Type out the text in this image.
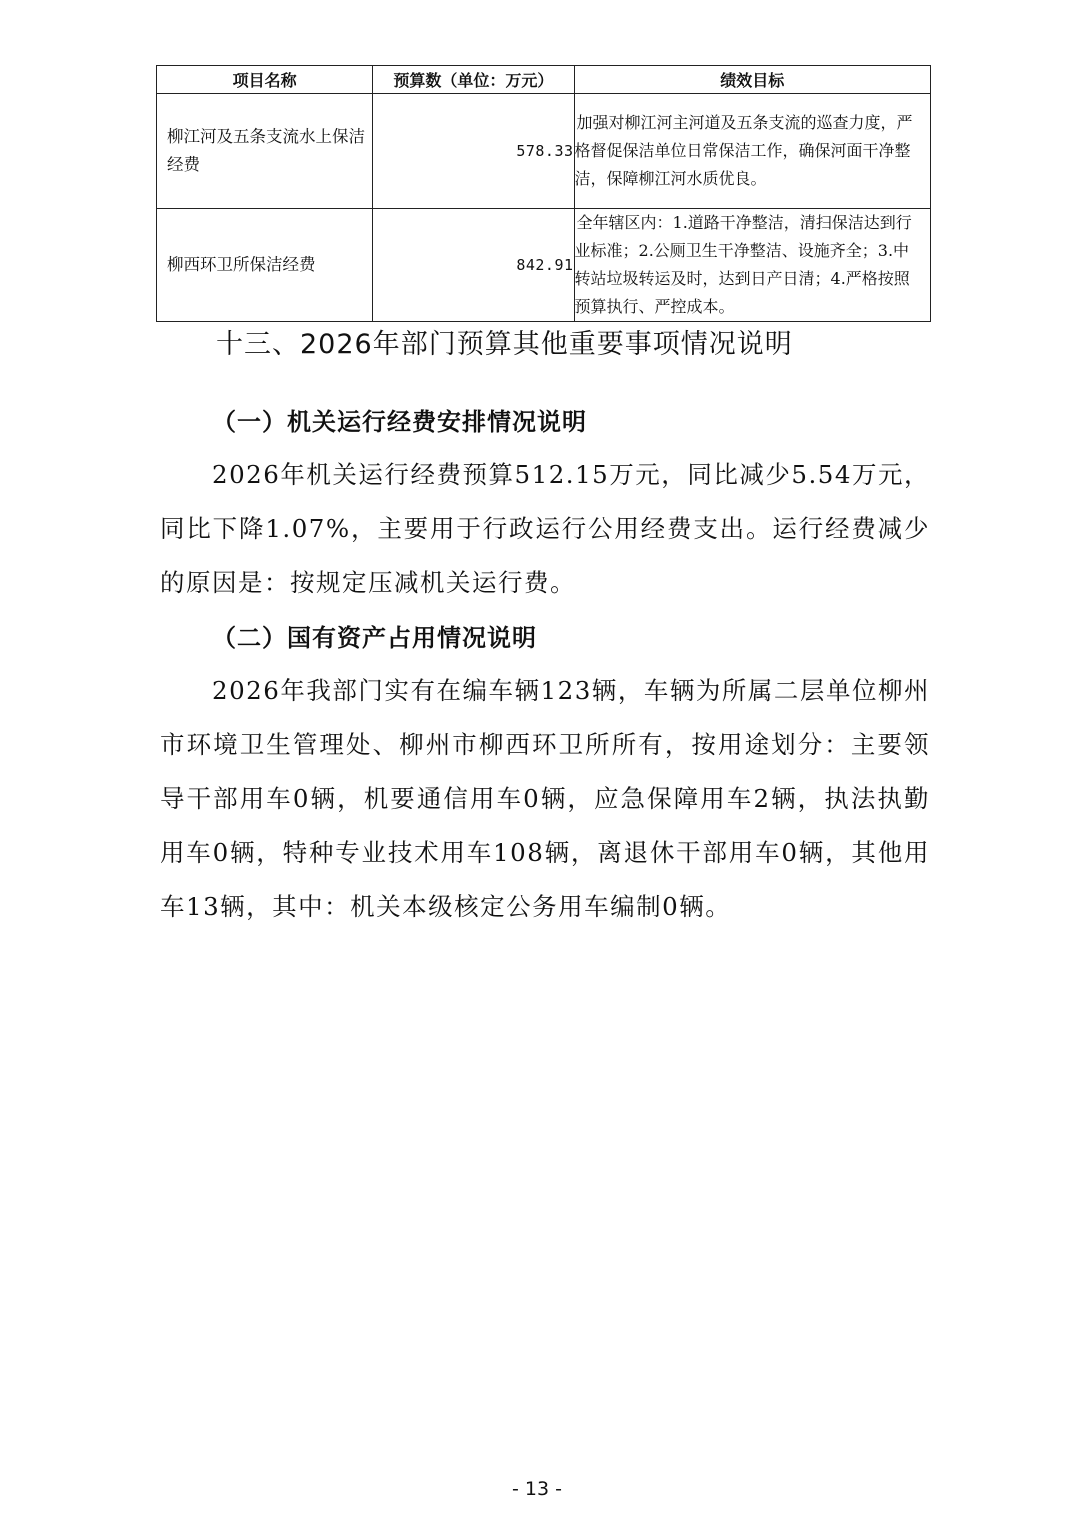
项目名称	预算数（单位：万元）	绩效目标
柳江河及五条支流水上保洁经费	578.33	加强对柳江河主河道及五条支流的巡查力度，严格督促保洁单位日常保洁工作，确保河面干净整洁，保障柳江河水质优良。
柳西环卫所保洁经费	842.91	全年辖区内：1.道路干净整洁，清扫保洁达到行业标准；2.公厕卫生干净整洁、设施齐全；3.中转站垃圾转运及时，达到日产日清；4.严格按照预算执行、严控成本。
十三、2026年部门预算其他重要事项情况说明
（一）机关运行经费安排情况说明

2026年机关运行经费预算512.15万元，同比减少5.54万元，同比下降1.07%，主要用于行政运行公用经费支出。运行经费减少的原因是：按规定压减机关运行费。

（二）国有资产占用情况说明

2026年我部门实有在编车辆123辆，车辆为所属二层单位柳州市环境卫生管理处、柳州市柳西环卫所所有，按用途划分：主要领导干部用车0辆，机要通信用车0辆，应急保障用车2辆，执法执勤用车0辆，特种专业技术用车108辆，离退休干部用车0辆，其他用车13辆，其中：机关本级核定公务用车编制0辆。

- 13 -
